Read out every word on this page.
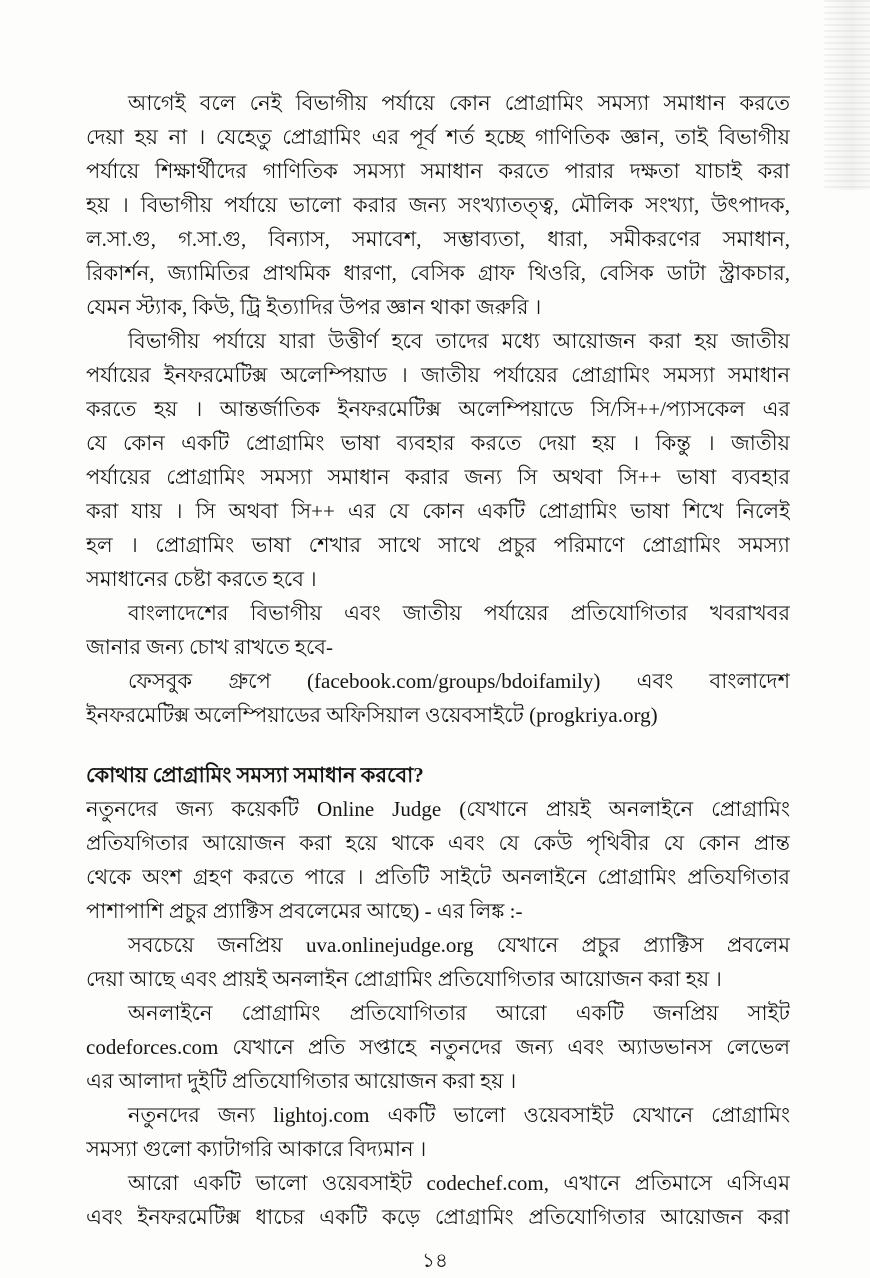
আগেই বলে নেই বিভাগীয় পর্যায়ে কোন প্রোগ্রামিং সমস্যা সমাধান করতে
দেয়া হয় না । যেহেতু প্রোগ্রামিং এর পূর্ব শর্ত হচ্ছে গাণিতিক জ্ঞান, তাই বিভাগীয়
পর্যায়ে শিক্ষার্থীদের গাণিতিক সমস্যা সমাধান করতে পারার দক্ষতা যাচাই করা
হয় । বিভাগীয় পর্যায়ে ভালো করার জন্য সংখ্যাতত্ত্ব, মৌলিক সংখ্যা, উৎপাদক,
ল.সা.গু, গ.সা.গু, বিন্যাস, সমাবেশ, সম্ভাব্যতা, ধারা, সমীকরণের সমাধান,
রিকার্শন, জ্যামিতির প্রাথমিক ধারণা, বেসিক গ্রাফ থিওরি, বেসিক ডাটা স্ট্রাকচার,
যেমন স্ট্যাক, কিউ, ট্রি ইত্যাদির উপর জ্ঞান থাকা জরুরি ।
বিভাগীয় পর্যায়ে যারা উত্তীর্ণ হবে তাদের মধ্যে আয়োজন করা হয় জাতীয়
পর্যায়ের ইনফরমেটিক্স অলেম্পিয়াড । জাতীয় পর্যায়ের প্রোগ্রামিং সমস্যা সমাধান
করতে হয় । আন্তর্জাতিক ইনফরমেটিক্স অলেম্পিয়াডে সি/সি++/প্যাসকেল এর
যে কোন একটি প্রোগ্রামিং ভাষা ব্যবহার করতে দেয়া হয় । কিন্তু । জাতীয়
পর্যায়ের প্রোগ্রামিং সমস্যা সমাধান করার জন্য সি অথবা সি++ ভাষা ব্যবহার
করা যায় । সি অথবা সি++ এর যে কোন একটি প্রোগ্রামিং ভাষা শিখে নিলেই
হল । প্রোগ্রামিং ভাষা শেখার সাথে সাথে প্রচুর পরিমাণে প্রোগ্রামিং সমস্যা
সমাধানের চেষ্টা করতে হবে ।
বাংলাদেশের বিভাগীয় এবং জাতীয় পর্যায়ের প্রতিযোগিতার খবরাখবর
জানার জন্য চোখ রাখতে হবে-
ফেসবুক গ্রুপে (facebook.com/groups/bdoifamily) এবং বাংলাদেশ
ইনফরমেটিক্স অলেম্পিয়াডের অফিসিয়াল ওয়েবসাইটে (progkriya.org)
কোথায় প্রোগ্রামিং সমস্যা সমাধান করবো?
নতুনদের জন্য কয়েকটি Online Judge (যেখানে প্রায়ই অনলাইনে প্রোগ্রামিং
প্রতিযগিতার আয়োজন করা হয়ে থাকে এবং যে কেউ পৃথিবীর যে কোন প্রান্ত
থেকে অংশ গ্রহণ করতে পারে । প্রতিটি সাইটে অনলাইনে প্রোগ্রামিং প্রতিযগিতার
পাশাপাশি প্রচুর প্র্যাক্টিস প্রবলেমের আছে) - এর লিঙ্ক :-
সবচেয়ে জনপ্রিয় uva.onlinejudge.org যেখানে প্রচুর প্র্যাক্টিস প্রবলেম
দেয়া আছে এবং প্রায়ই অনলাইন প্রোগ্রামিং প্রতিযোগিতার আয়োজন করা হয় ।
অনলাইনে প্রোগ্রামিং প্রতিযোগিতার আরো একটি জনপ্রিয় সাইট
codeforces.com যেখানে প্রতি সপ্তাহে নতুনদের জন্য এবং অ্যাডভানস লেভেল
এর আলাদা দুইটি প্রতিযোগিতার আয়োজন করা হয় ।
নতুনদের জন্য lightoj.com একটি ভালো ওয়েবসাইট যেখানে প্রোগ্রামিং
সমস্যা গুলো ক্যাটাগরি আকারে বিদ্যমান ।
আরো একটি ভালো ওয়েবসাইট codechef.com, এখানে প্রতিমাসে এসিএম
এবং ইনফরমেটিক্স ধাচের একটি কড়ে প্রোগ্রামিং প্রতিযোগিতার আয়োজন করা
১৪
